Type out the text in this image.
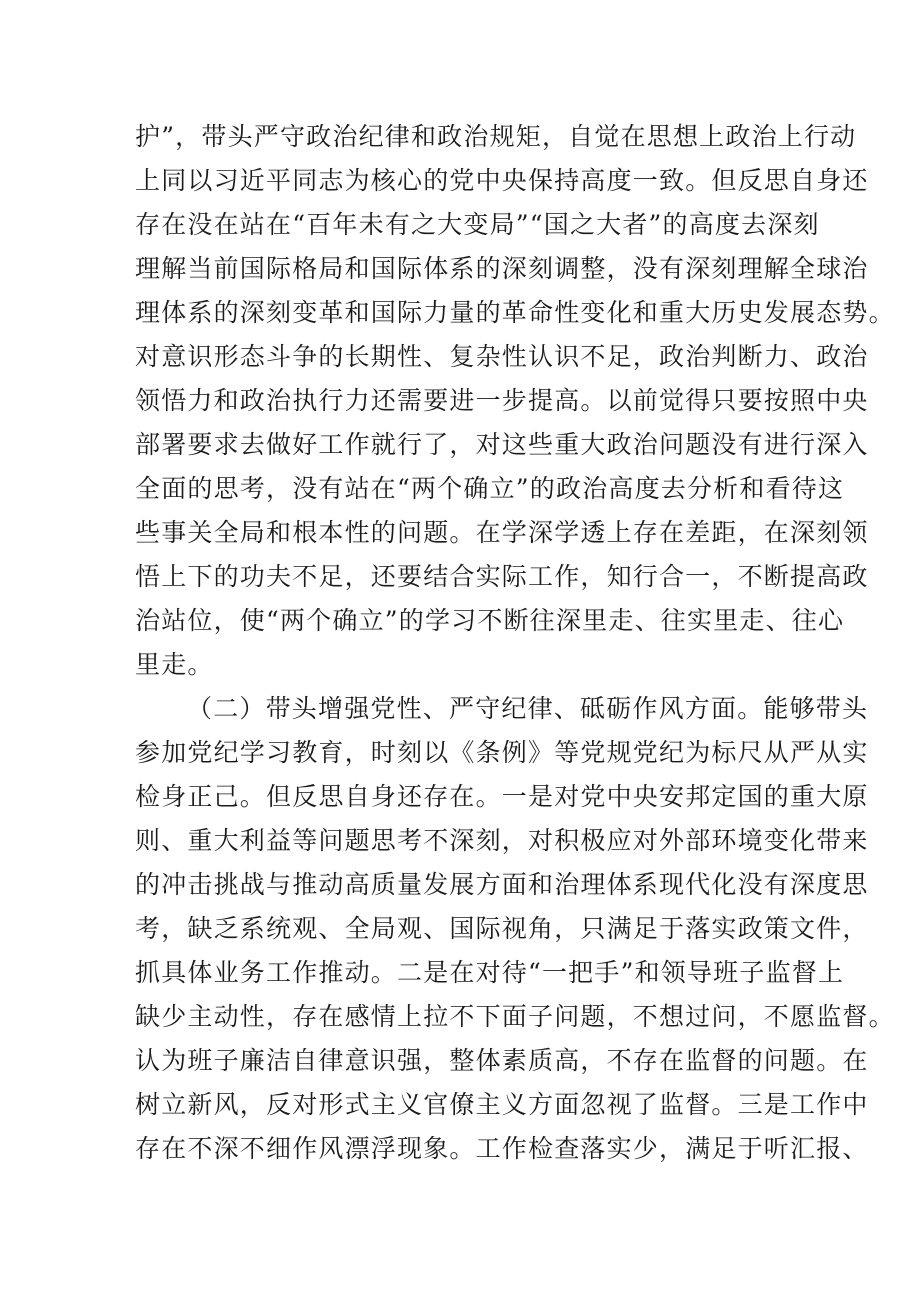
护”，带头严守政治纪律和政治规矩，自觉在思想上政治上行动
上同以习近平同志为核心的党中央保持高度一致。但反思自身还
存在没在站在“百年未有之大变局”“国之大者”的高度去深刻
理解当前国际格局和国际体系的深刻调整，没有深刻理解全球治
理体系的深刻变革和国际力量的革命性变化和重大历史发展态势。
对意识形态斗争的长期性、复杂性认识不足，政治判断力、政治
领悟力和政治执行力还需要进一步提高。以前觉得只要按照中央
部署要求去做好工作就行了，对这些重大政治问题没有进行深入
全面的思考，没有站在“两个确立”的政治高度去分析和看待这
些事关全局和根本性的问题。在学深学透上存在差距，在深刻领
悟上下的功夫不足，还要结合实际工作，知行合一，不断提高政
治站位，使“两个确立”的学习不断往深里走、往实里走、往心
里走。
（二）带头增强党性、严守纪律、砥砺作风方面。能够带头
参加党纪学习教育，时刻以《条例》等党规党纪为标尺从严从实
检身正己。但反思自身还存在。一是对党中央安邦定国的重大原
则、重大利益等问题思考不深刻，对积极应对外部环境变化带来
的冲击挑战与推动高质量发展方面和治理体系现代化没有深度思
考，缺乏系统观、全局观、国际视角，只满足于落实政策文件，
抓具体业务工作推动。二是在对待“一把手”和领导班子监督上
缺少主动性，存在感情上拉不下面子问题，不想过问，不愿监督。
认为班子廉洁自律意识强，整体素质高，不存在监督的问题。在
树立新风，反对形式主义官僚主义方面忽视了监督。三是工作中
存在不深不细作风漂浮现象。工作检查落实少，满足于听汇报、
